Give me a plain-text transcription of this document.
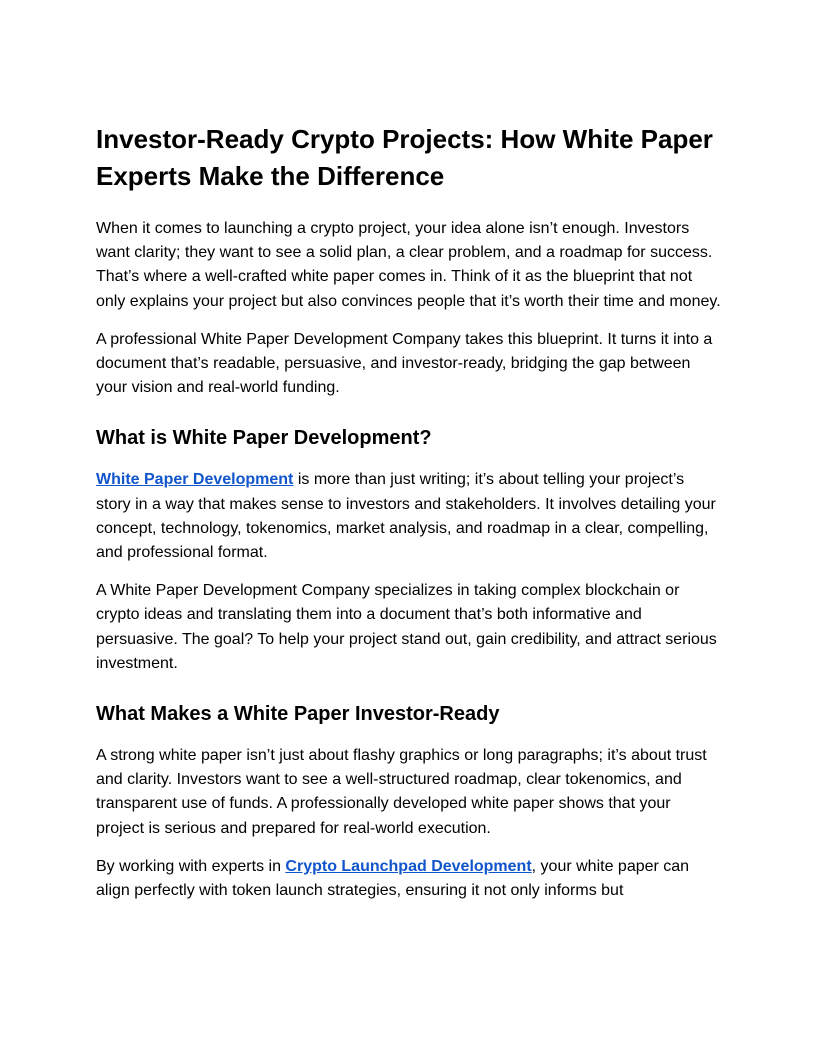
Investor-Ready Crypto Projects: How White Paper Experts Make the Difference

When it comes to launching a crypto project, your idea alone isn’t enough. Investors want clarity; they want to see a solid plan, a clear problem, and a roadmap for success. That’s where a well-crafted white paper comes in. Think of it as the blueprint that not only explains your project but also convinces people that it’s worth their time and money.

A professional White Paper Development Company takes this blueprint. It turns it into a document that’s readable, persuasive, and investor-ready, bridging the gap between your vision and real-world funding.

What is White Paper Development?

White Paper Development is more than just writing; it’s about telling your project’s story in a way that makes sense to investors and stakeholders. It involves detailing your concept, technology, tokenomics, market analysis, and roadmap in a clear, compelling, and professional format.

A White Paper Development Company specializes in taking complex blockchain or crypto ideas and translating them into a document that’s both informative and persuasive. The goal? To help your project stand out, gain credibility, and attract serious investment.

What Makes a White Paper Investor-Ready

A strong white paper isn’t just about flashy graphics or long paragraphs; it’s about trust and clarity. Investors want to see a well-structured roadmap, clear tokenomics, and transparent use of funds. A professionally developed white paper shows that your project is serious and prepared for real-world execution.

By working with experts in Crypto Launchpad Development, your white paper can align perfectly with token launch strategies, ensuring it not only informs but
